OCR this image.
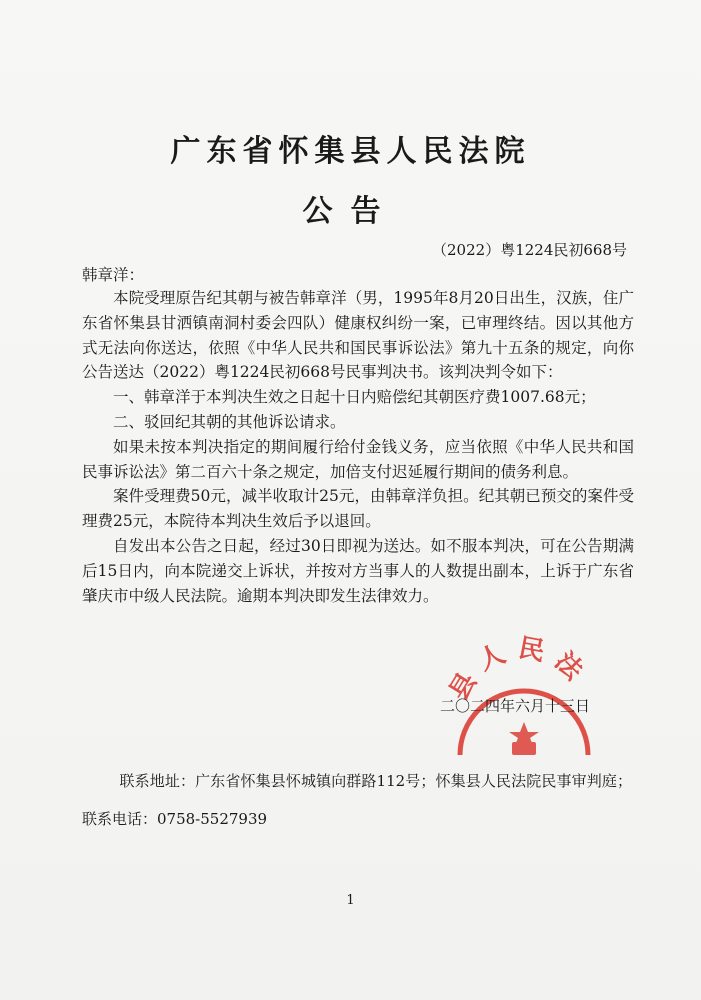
广东省怀集县人民法院
公告
（2022）粤1224民初668号
韩章洋：

本院受理原告纪其朝与被告韩章洋（男，1995年8月20日出生，汉族，住广东省怀集县甘洒镇南洞村委会四队）健康权纠纷一案，已审理终结。因以其他方式无法向你送达，依照《中华人民共和国民事诉讼法》第九十五条的规定，向你公告送达（2022）粤1224民初668号民事判决书。该判决判令如下：

一、韩章洋于本判决生效之日起十日内赔偿纪其朝医疗费1007.68元；

二、驳回纪其朝的其他诉讼请求。

如果未按本判决指定的期间履行给付金钱义务，应当依照《中华人民共和国民事诉讼法》第二百六十条之规定，加倍支付迟延履行期间的债务利息。

案件受理费50元，减半收取计25元，由韩章洋负担。纪其朝已预交的案件受理费25元，本院待本判决生效后予以退回。

自发出本公告之日起，经过30日即视为送达。如不服本判决，可在公告期满后15日内，向本院递交上诉状，并按对方当事人的人数提出副本，上诉于广东省肇庆市中级人民法院。逾期本判决即发生法律效力。

县人民法
二〇二四年六月十三日
联系地址：广东省怀集县怀城镇向群路112号；怀集县人民法院民事审判庭；联系电话：0758-5527939
1
